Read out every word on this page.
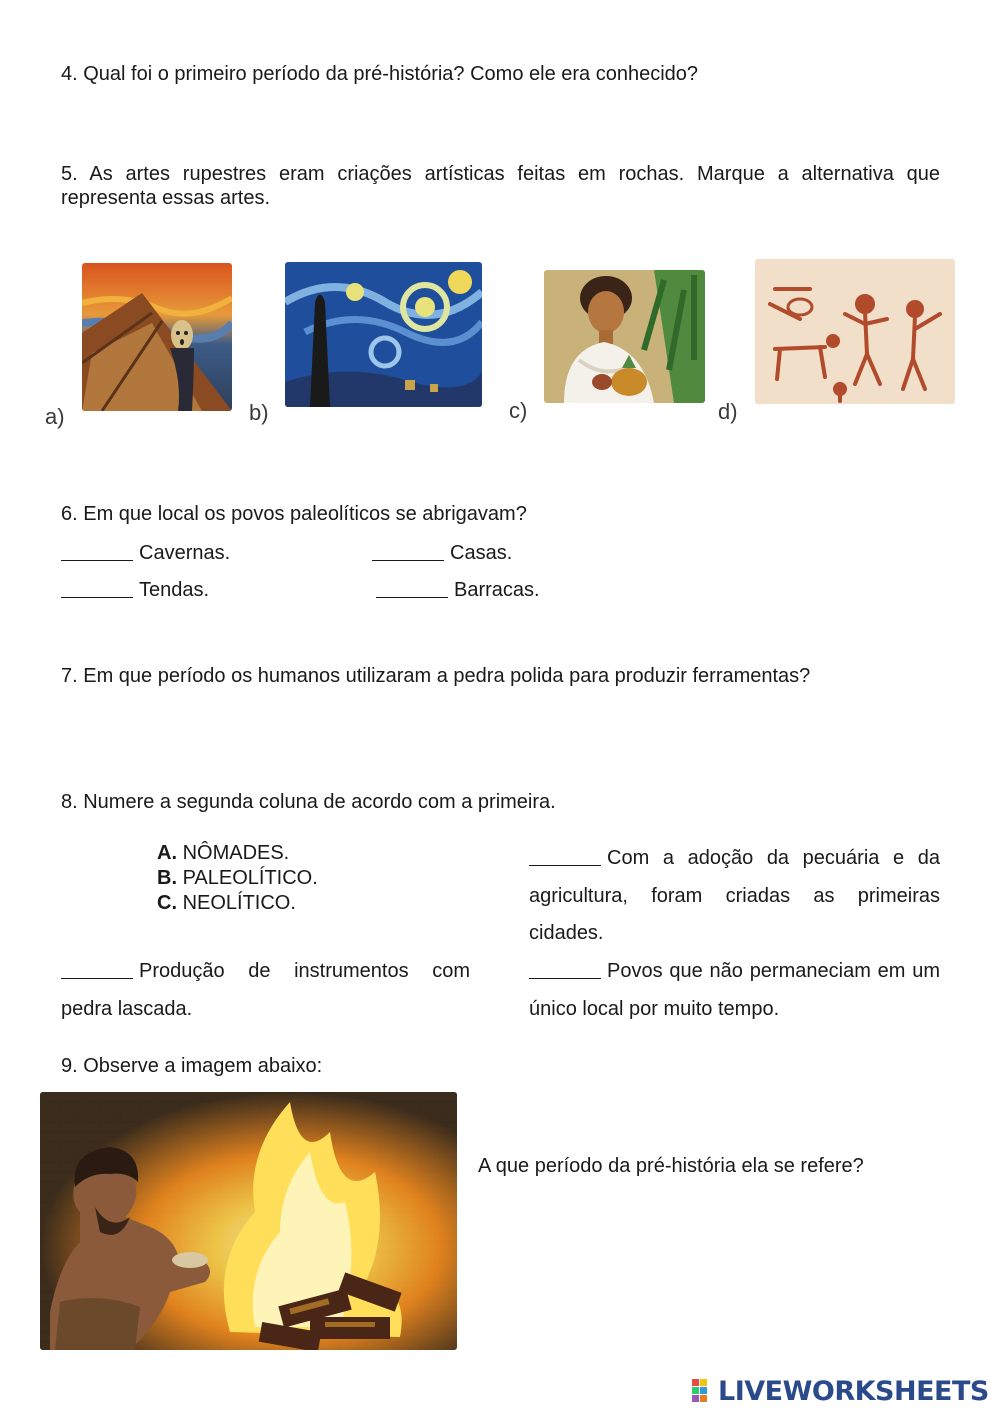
4. Qual foi o primeiro período da pré-história? Como ele era conhecido?
5. As artes rupestres eram criações artísticas feitas em rochas. Marque a alternativa que representa essas artes.
a)	b)	c)	d)
6. Em que local os povos paleolíticos se abrigavam?
Cavernas.	Casas.
Tendas.	Barracas.
7. Em que período os humanos utilizaram a pedra polida para produzir ferramentas?
8. Numere a segunda coluna de acordo com a primeira.
A. NÔMADES.
B. PALEOLÍTICO.
C. NEOLÍTICO.
Com a adoção da pecuária e da agricultura, foram criadas as primeiras cidades.
Produção de instrumentos com pedra lascada.
Povos que não permaneciam em um único local por muito tempo.
9. Observe a imagem abaixo:
A que período da pré-história ela se refere?
LIVEWORKSHEETS
